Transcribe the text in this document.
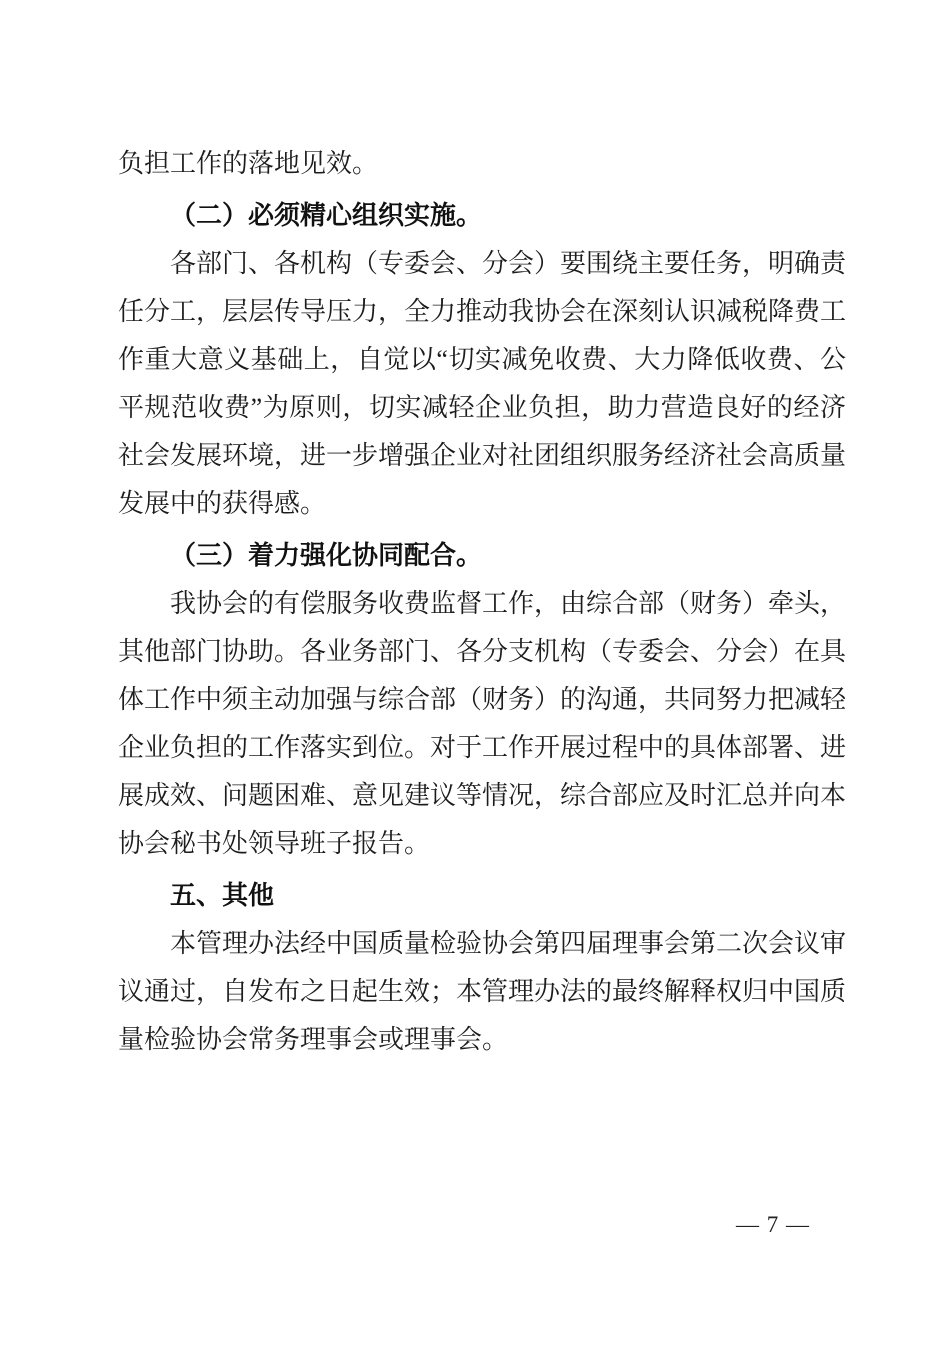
负担工作的落地见效。

（二）必须精心组织实施。

各部门、各机构（专委会、分会）要围绕主要任务，明确责任分工，层层传导压力，全力推动我协会在深刻认识减税降费工作重大意义基础上，自觉以“切实减免收费、大力降低收费、公平规范收费”为原则，切实减轻企业负担，助力营造良好的经济社会发展环境，进一步增强企业对社团组织服务经济社会高质量发展中的获得感。

（三）着力强化协同配合。

我协会的有偿服务收费监督工作，由综合部（财务）牵头，其他部门协助。各业务部门、各分支机构（专委会、分会）在具体工作中须主动加强与综合部（财务）的沟通，共同努力把减轻企业负担的工作落实到位。对于工作开展过程中的具体部署、进展成效、问题困难、意见建议等情况，综合部应及时汇总并向本协会秘书处领导班子报告。

五、其他

本管理办法经中国质量检验协会第四届理事会第二次会议审议通过，自发布之日起生效；本管理办法的最终解释权归中国质量检验协会常务理事会或理事会。

— 7 —
